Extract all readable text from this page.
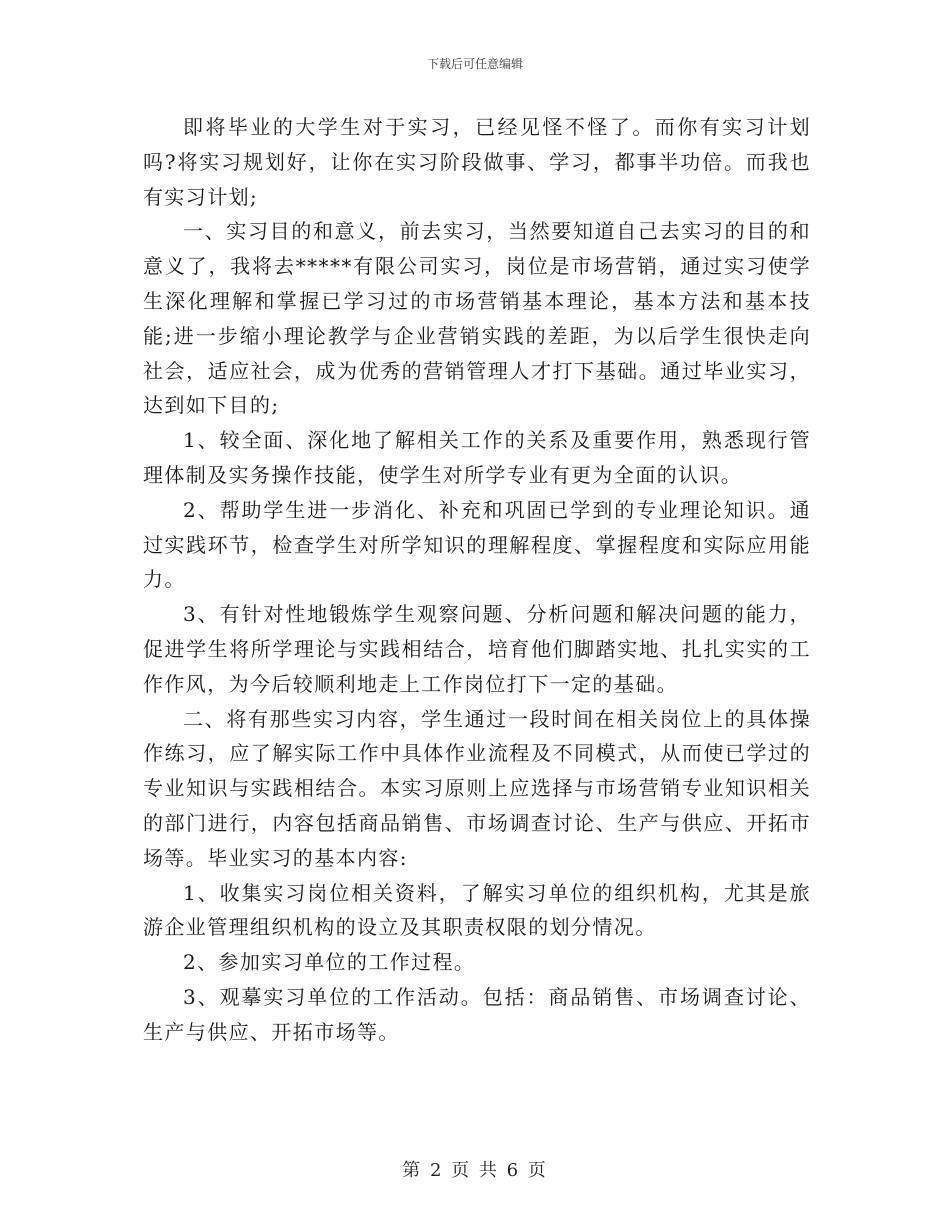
下载后可任意编辑

即将毕业的大学生对于实习，已经见怪不怪了。而你有实习计划吗?将实习规划好，让你在实习阶段做事、学习，都事半功倍。而我也有实习计划;

一、实习目的和意义，前去实习，当然要知道自己去实习的目的和意义了，我将去*****有限公司实习，岗位是市场营销，通过实习使学生深化理解和掌握已学习过的市场营销基本理论，基本方法和基本技能;进一步缩小理论教学与企业营销实践的差距，为以后学生很快走向社会，适应社会，成为优秀的营销管理人才打下基础。通过毕业实习，达到如下目的;

1、较全面、深化地了解相关工作的关系及重要作用，熟悉现行管理体制及实务操作技能，使学生对所学专业有更为全面的认识。

2、帮助学生进一步消化、补充和巩固已学到的专业理论知识。通过实践环节，检查学生对所学知识的理解程度、掌握程度和实际应用能力。

3、有针对性地锻炼学生观察问题、分析问题和解决问题的能力，促进学生将所学理论与实践相结合，培育他们脚踏实地、扎扎实实的工作作风，为今后较顺利地走上工作岗位打下一定的基础。

二、将有那些实习内容，学生通过一段时间在相关岗位上的具体操作练习，应了解实际工作中具体作业流程及不同模式，从而使已学过的专业知识与实践相结合。本实习原则上应选择与市场营销专业知识相关的部门进行，内容包括商品销售、市场调查讨论、生产与供应、开拓市场等。毕业实习的基本内容:

1、收集实习岗位相关资料，了解实习单位的组织机构，尤其是旅游企业管理组织机构的设立及其职责权限的划分情况。

2、参加实习单位的工作过程。

3、观摹实习单位的工作活动。包括：商品销售、市场调查讨论、生产与供应、开拓市场等。

第 2 页 共 6 页
